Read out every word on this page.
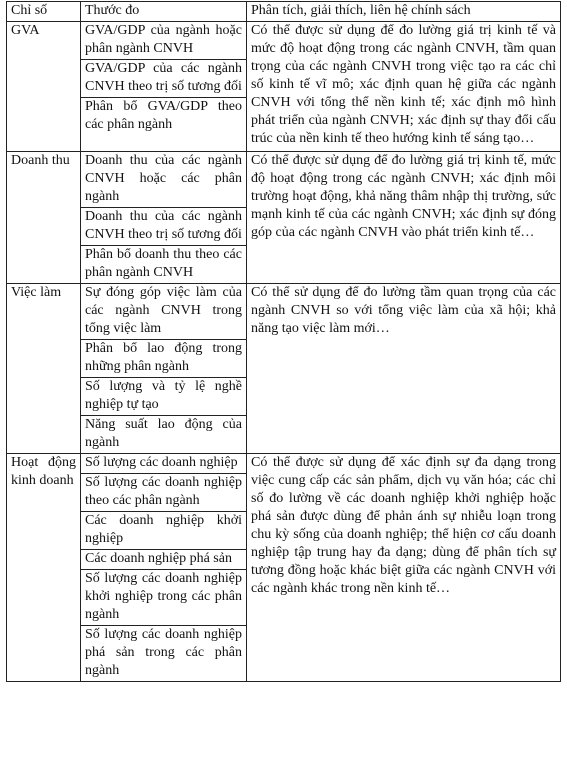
Chỉ số	Thước đo	Phân tích, giải thích, liên hệ chính sách
GVA	GVA/GDP của ngành hoặc phân ngành CNVH	Có thể được sử dụng để đo lường giá trị kinh tế và mức độ hoạt động trong các ngành CNVH, tầm quan trọng của các ngành CNVH trong việc tạo ra các chỉ số kinh tế vĩ mô; xác định quan hệ giữa các ngành CNVH với tổng thể nền kinh tế; xác định mô hình phát triển của ngành CNVH; xác định sự thay đổi cấu trúc của nền kinh tế theo hướng kinh tế sáng tạo…
	GVA/GDP của các ngành CNVH theo trị số tương đối	
	Phân bổ GVA/GDP theo các phân ngành	
Doanh thu	Doanh thu của các ngành CNVH hoặc các phân ngành	Có thể được sử dụng để đo lường giá trị kinh tế, mức độ hoạt động trong các ngành CNVH; xác định môi trường hoạt động, khả năng thâm nhập thị trường, sức mạnh kinh tế của các ngành CNVH; xác định sự đóng góp của các ngành CNVH vào phát triển kinh tế…
	Doanh thu của các ngành CNVH theo trị số tương đối	
	Phân bổ doanh thu theo các phân ngành CNVH	
Việc làm	Sự đóng góp việc làm của các ngành CNVH trong tổng việc làm	Có thể sử dụng để đo lường tầm quan trọng của các ngành CNVH so với tổng việc làm của xã hội; khả năng tạo việc làm mới…
	Phân bổ lao động trong những phân ngành	
	Số lượng và tỷ lệ nghề nghiệp tự tạo	
	Năng suất lao động của ngành	
Hoạt động kinh doanh	Số lượng các doanh nghiệp	Có thể được sử dụng để xác định sự đa dạng trong việc cung cấp các sản phẩm, dịch vụ văn hóa; các chỉ số đo lường về các doanh nghiệp khởi nghiệp hoặc phá sản được dùng để phản ánh sự nhiễu loạn trong chu kỳ sống của doanh nghiệp; thể hiện cơ cấu doanh nghiệp tập trung hay đa dạng; dùng để phân tích sự tương đồng hoặc khác biệt giữa các ngành CNVH với các ngành khác trong nền kinh tế…
	Số lượng các doanh nghiệp theo các phân ngành	
	Các doanh nghiệp khởi nghiệp	
	Các doanh nghiệp phá sản	
	Số lượng các doanh nghiệp khởi nghiệp trong các phân ngành	
	Số lượng các doanh nghiệp phá sản trong các phân ngành	
